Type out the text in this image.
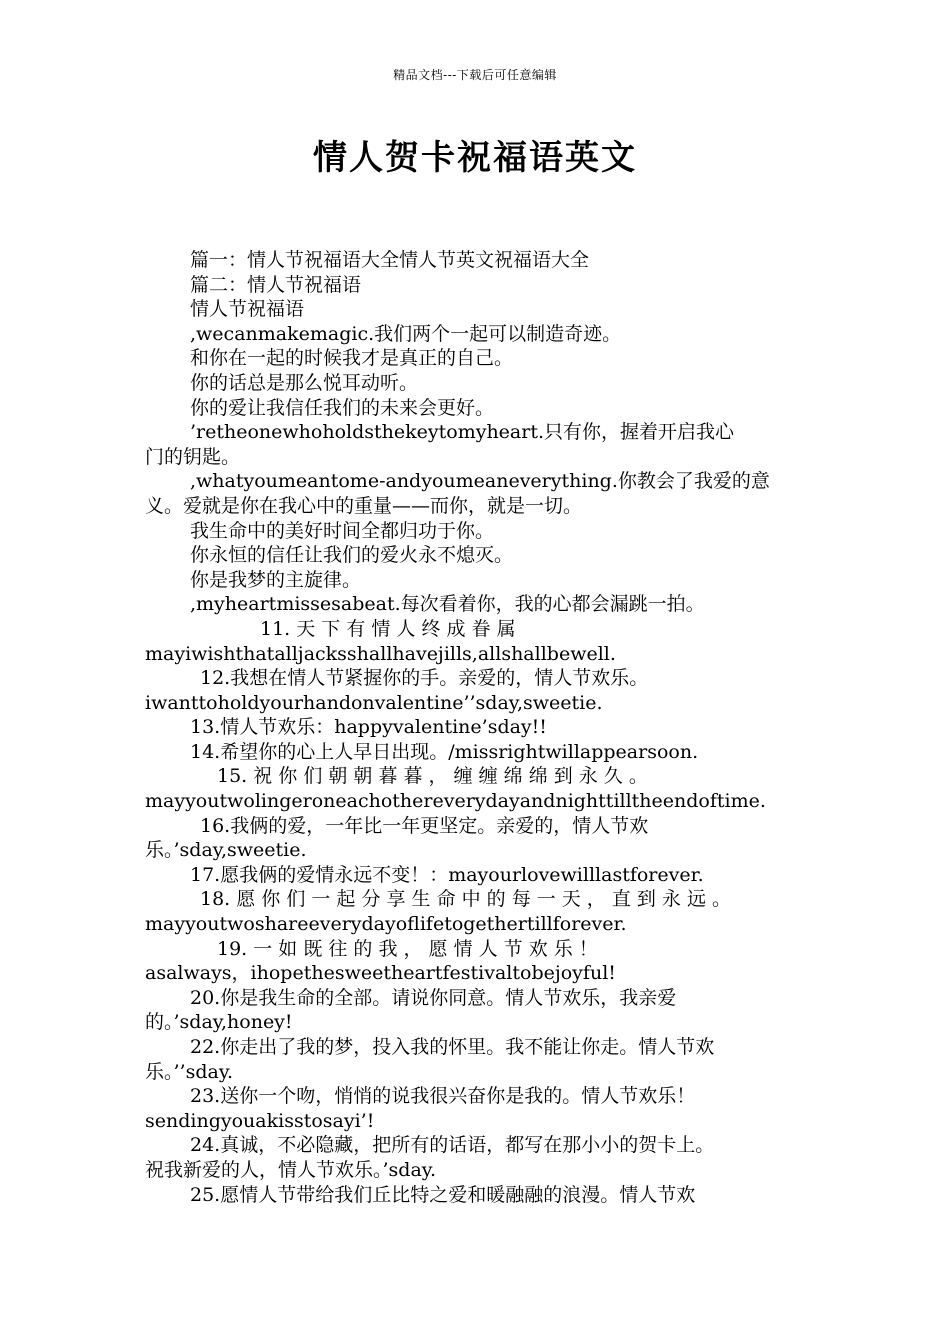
精品文档---下载后可任意编辑
情人贺卡祝福语英文
篇一：情人节祝福语大全情人节英文祝福语大全
篇二：情人节祝福语
情人节祝福语
,wecanmakemagic.我们两个一起可以制造奇迹。
和你在一起的时候我才是真正的自己。
你的话总是那么悦耳动听。
你的爱让我信任我们的未来会更好。
’retheonewhoholdsthekeytomyheart.只有你，握着开启我心
门的钥匙。
,whatyoumeantome-andyoumeaneverything.你教会了我爱的意
义。爱就是你在我心中的重量——而你，就是一切。
我生命中的美好时间全都归功于你。
你永恒的信任让我们的爱火永不熄灭。
你是我梦的主旋律。
,myheartmissesabeat.每次看着你，我的心都会漏跳一拍。
11. 天 下 有 情 人 终 成 眷 属
mayiwishthatalljacksshallhavejills,allshallbewell.
12.我想在情人节紧握你的手。亲爱的，情人节欢乐。
iwanttoholdyourhandonvalentine’’sday,sweetie.
13.情人节欢乐：happyvalentine’sday!!
14.希望你的心上人早日出现。/missrightwillappearsoon.
15. 祝 你 们 朝 朝 暮 暮 ， 缠 缠 绵 绵 到 永 久 。
mayyoutwolingeroneachothereverydayandnighttilltheendoftime.
16.我俩的爱，一年比一年更坚定。亲爱的，情人节欢
乐。’sday,sweetie.
17.愿我俩的爱情永远不变！：mayourlovewilllastforever.
18. 愿 你 们 一 起 分 享 生 命 中 的 每 一 天 ， 直 到 永 远 。
mayyoutwoshareeverydayoflifetogethertillforever.
19. 一 如 既 往 的 我 ， 愿 情 人 节 欢 乐 ！
asalways，ihopethesweetheartfestivaltobejoyful!
20.你是我生命的全部。请说你同意。情人节欢乐，我亲爱
的。’sday,honey!
22.你走出了我的梦，投入我的怀里。我不能让你走。情人节欢
乐。’’sday.
23.送你一个吻，悄悄的说我很兴奋你是我的。情人节欢乐！
sendingyouakisstosayi’!
24.真诚，不必隐藏，把所有的话语，都写在那小小的贺卡上。
祝我新爱的人，情人节欢乐。’sday.
25.愿情人节带给我们丘比特之爱和暖融融的浪漫。情人节欢
